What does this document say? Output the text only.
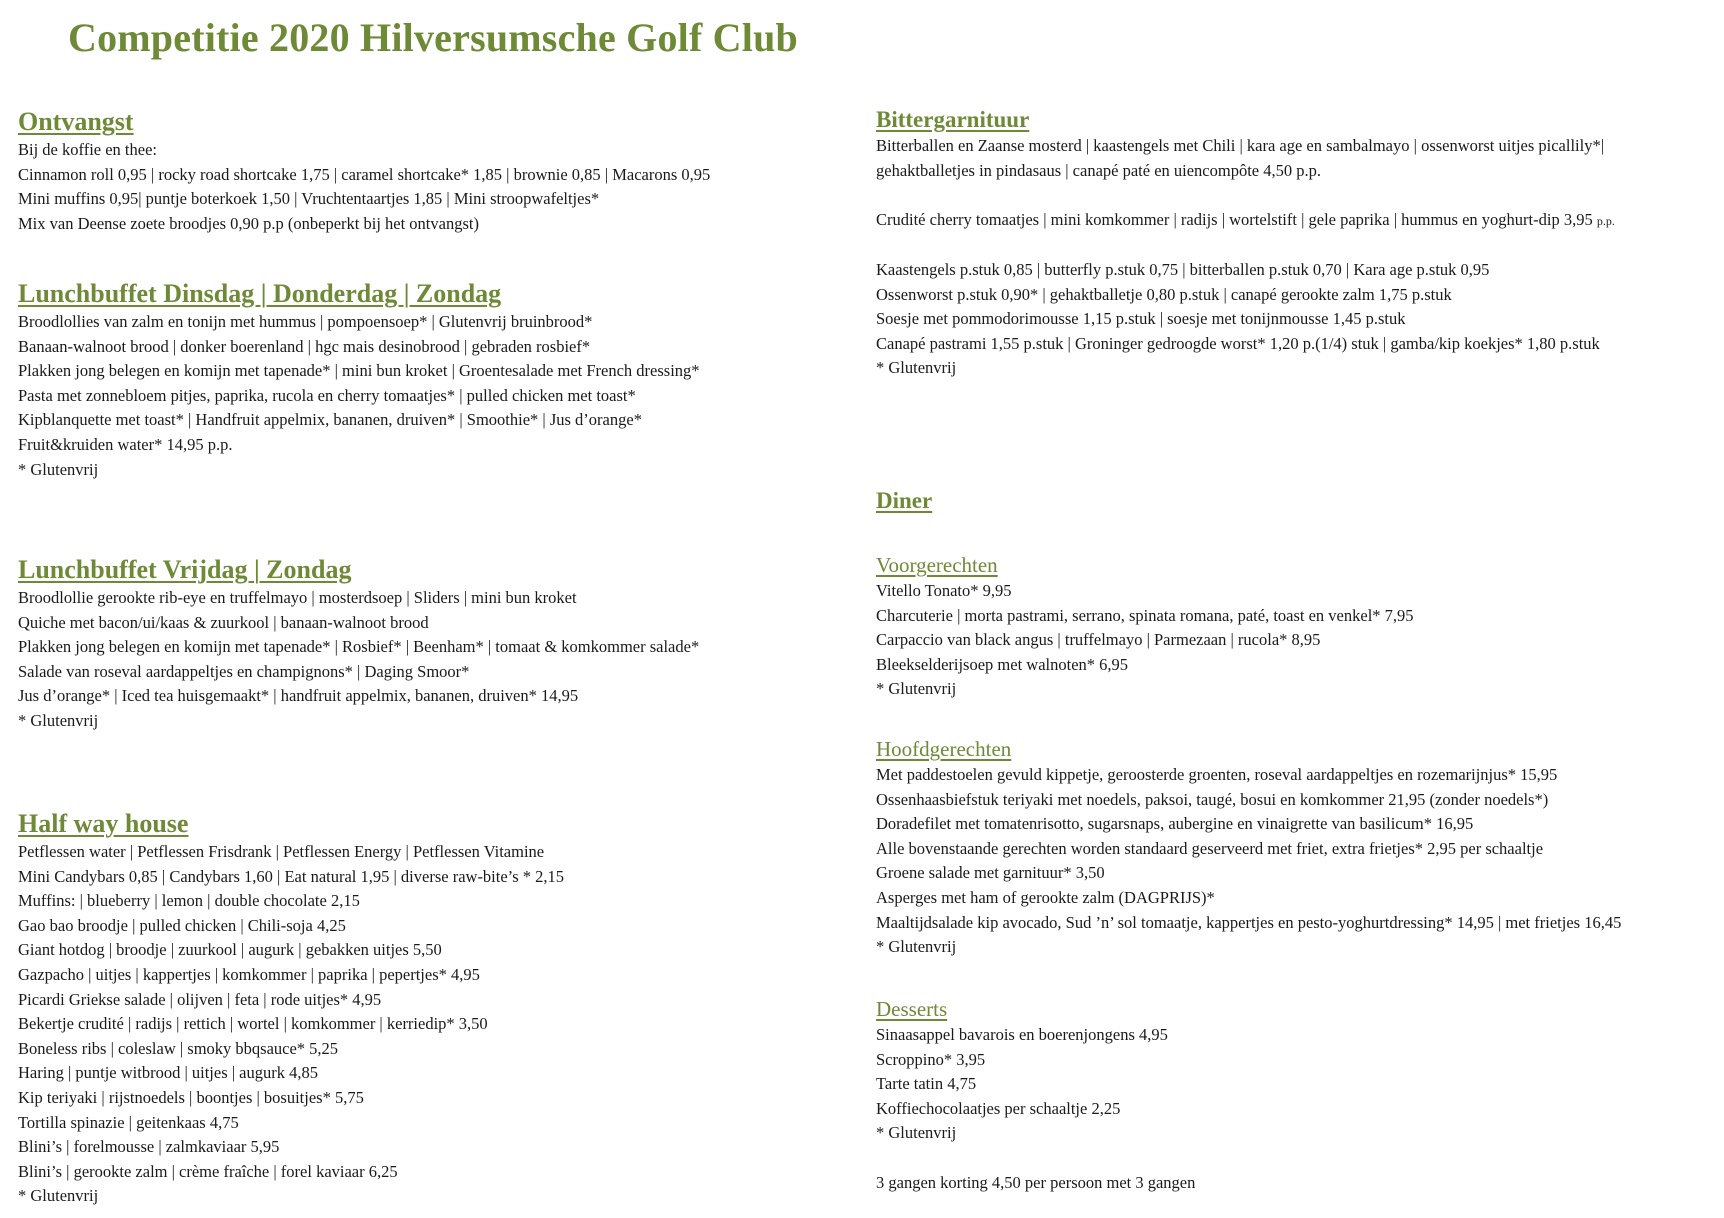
Competitie 2020 Hilversumsche Golf Club
Ontvangst

Bij de koffie en thee:

Cinnamon roll 0,95 | rocky road shortcake 1,75 | caramel shortcake* 1,85 | brownie 0,85 | Macarons 0,95

Mini muffins 0,95| puntje boterkoek 1,50 | Vruchtentaartjes 1,85 | Mini stroopwafeltjes*

Mix van Deense zoete broodjes 0,90 p.p (onbeperkt bij het ontvangst)

Lunchbuffet Dinsdag | Donderdag | Zondag

Broodlollies van zalm en tonijn met hummus | pompoensoep* | Glutenvrij bruinbrood*

Banaan-walnoot brood | donker boerenland | hgc mais desinobrood | gebraden rosbief*

Plakken jong belegen en komijn met tapenade* | mini bun kroket | Groentesalade met French dressing*

Pasta met zonnebloem pitjes, paprika, rucola en cherry tomaatjes* | pulled chicken met toast*

Kipblanquette met toast* | Handfruit appelmix, bananen, druiven* | Smoothie* | Jus d’orange*

Fruit&kruiden water* 14,95 p.p.

* Glutenvrij

Lunchbuffet Vrijdag | Zondag

Broodlollie gerookte rib-eye en truffelmayo | mosterdsoep | Sliders | mini bun kroket

Quiche met bacon/ui/kaas & zuurkool | banaan-walnoot brood

Plakken jong belegen en komijn met tapenade* | Rosbief* | Beenham* | tomaat & komkommer salade*

Salade van roseval aardappeltjes en champignons* | Daging Smoor*

Jus d’orange* | Iced tea huisgemaakt* | handfruit appelmix, bananen, druiven* 14,95

* Glutenvrij

Half way house

Petflessen water | Petflessen Frisdrank | Petflessen Energy | Petflessen Vitamine

Mini Candybars 0,85 | Candybars 1,60 | Eat natural 1,95 | diverse raw-bite’s * 2,15

Muffins: | blueberry | lemon | double chocolate 2,15

Gao bao broodje | pulled chicken | Chili-soja 4,25

Giant hotdog | broodje | zuurkool | augurk | gebakken uitjes 5,50

Gazpacho | uitjes | kappertjes | komkommer | paprika | pepertjes* 4,95

Picardi Griekse salade | olijven | feta | rode uitjes* 4,95

Bekertje crudité | radijs | rettich | wortel | komkommer | kerriedip* 3,50

Boneless ribs | coleslaw | smoky bbqsauce* 5,25

Haring | puntje witbrood | uitjes | augurk 4,85

Kip teriyaki | rijstnoedels | boontjes | bosuitjes* 5,75

Tortilla spinazie | geitenkaas 4,75

Blini’s | forelmousse | zalmkaviaar 5,95

Blini’s | gerookte zalm | crème fraîche | forel kaviaar 6,25

* Glutenvrij

Bittergarnituur

Bitterballen en Zaanse mosterd | kaastengels met Chili | kara age en sambalmayo | ossenworst uitjes picallily*|

gehaktballetjes in pindasaus | canapé paté en uiencompôte 4,50 p.p.

Crudité cherry tomaatjes | mini komkommer | radijs | wortelstift | gele paprika | hummus en yoghurt-dip 3,95 p.p.

Kaastengels p.stuk 0,85 | butterfly p.stuk 0,75 | bitterballen p.stuk 0,70 | Kara age p.stuk 0,95

Ossenworst p.stuk 0,90* | gehaktballetje 0,80 p.stuk | canapé gerookte zalm 1,75 p.stuk

Soesje met pommodorimousse 1,15 p.stuk | soesje met tonijnmousse 1,45 p.stuk

Canapé pastrami 1,55 p.stuk | Groninger gedroogde worst* 1,20 p.(1/4) stuk | gamba/kip koekjes* 1,80 p.stuk

* Glutenvrij

Diner
Voorgerechten

Vitello Tonato* 9,95

Charcuterie | morta pastrami, serrano, spinata romana, paté, toast en venkel* 7,95

Carpaccio van black angus | truffelmayo | Parmezaan | rucola* 8,95

Bleekselderijsoep met walnoten* 6,95

* Glutenvrij

Hoofdgerechten

Met paddestoelen gevuld kippetje, geroosterde groenten, roseval aardappeltjes en rozemarijnjus* 15,95

Ossenhaasbiefstuk teriyaki met noedels, paksoi, taugé, bosui en komkommer 21,95 (zonder noedels*)

Doradefilet met tomatenrisotto, sugarsnaps, aubergine en vinaigrette van basilicum* 16,95

Alle bovenstaande gerechten worden standaard geserveerd met friet, extra frietjes* 2,95 per schaaltje

Groene salade met garnituur* 3,50

Asperges met ham of gerookte zalm (DAGPRIJS)*

Maaltijdsalade kip avocado, Sud ’n’ sol tomaatje, kappertjes en pesto-yoghurtdressing* 14,95 | met frietjes 16,45

* Glutenvrij

Desserts

Sinaasappel bavarois en boerenjongens 4,95

Scroppino* 3,95

Tarte tatin 4,75

Koffiechocolaatjes per schaaltje 2,25

* Glutenvrij

3 gangen korting 4,50 per persoon met 3 gangen
